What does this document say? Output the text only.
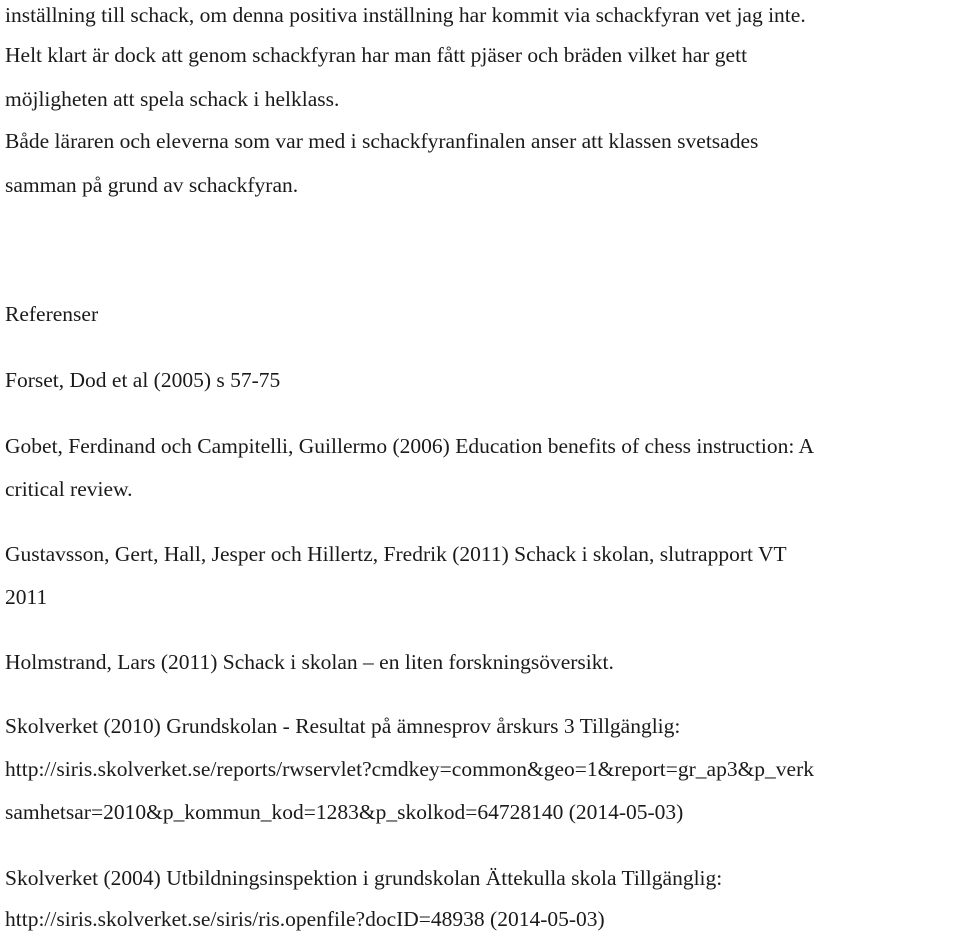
inställning till schack, om denna positiva inställning har kommit via schackfyran vet jag inte.
Helt klart är dock att genom schackfyran har man fått pjäser och bräden vilket har gett
möjligheten att spela schack i helklass.
Både läraren och eleverna som var med i schackfyranfinalen anser att klassen svetsades
samman på grund av schackfyran.
Referenser
Forset, Dod et al (2005) s 57-75
Gobet, Ferdinand och Campitelli, Guillermo (2006) Education benefits of chess instruction: A
critical review.
Gustavsson, Gert, Hall, Jesper och Hillertz, Fredrik (2011) Schack i skolan, slutrapport VT
2011
Holmstrand, Lars (2011) Schack i skolan – en liten forskningsöversikt.
Skolverket (2010) Grundskolan - Resultat på ämnesprov årskurs 3 Tillgänglig:
http://siris.skolverket.se/reports/rwservlet?cmdkey=common&geo=1&report=gr_ap3&p_verk
samhetsar=2010&p_kommun_kod=1283&p_skolkod=64728140 (2014-05-03)
Skolverket (2004) Utbildningsinspektion i grundskolan Ättekulla skola Tillgänglig:
http://siris.skolverket.se/siris/ris.openfile?docID=48938 (2014-05-03)
